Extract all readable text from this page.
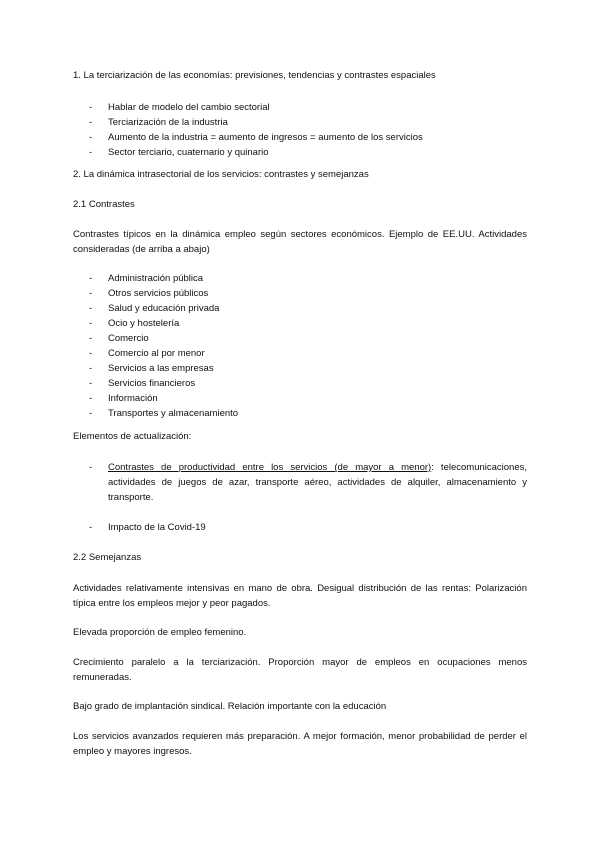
1. La terciarización de las economías: previsiones, tendencias y contrastes espaciales

- Hablar de modelo del cambio sectorial
- Terciarización de la industria
- Aumento de la industria = aumento de ingresos = aumento de los servicios
- Sector terciario, cuaternario y quinario

2. La dinámica intrasectorial de los servicios: contrastes y semejanzas

2.1 Contrastes

Contrastes típicos en la dinámica empleo según sectores económicos. Ejemplo de EE.UU. Actividades consideradas (de arriba a abajo)

- Administración pública
- Otros servicios públicos
- Salud y educación privada
- Ocio y hostelería
- Comercio
- Comercio al por menor
- Servicios a las empresas
- Servicios financieros
- Información
- Transportes y almacenamiento

Elementos de actualización:

- Contrastes de productividad entre los servicios (de mayor a menor): telecomunicaciones, actividades de juegos de azar, transporte aéreo, actividades de alquiler, almacenamiento y transporte.

- Impacto de la Covid-19

2.2 Semejanzas

Actividades relativamente intensivas en mano de obra. Desigual distribución de las rentas: Polarización típica entre los empleos mejor y peor pagados.

Elevada proporción de empleo femenino.

Crecimiento paralelo a la terciarización. Proporción mayor de empleos en ocupaciones menos remuneradas.

Bajo grado de implantación sindical. Relación importante con la educación

Los servicios avanzados requieren más preparación. A mejor formación, menor probabilidad de perder el empleo y mayores ingresos.
